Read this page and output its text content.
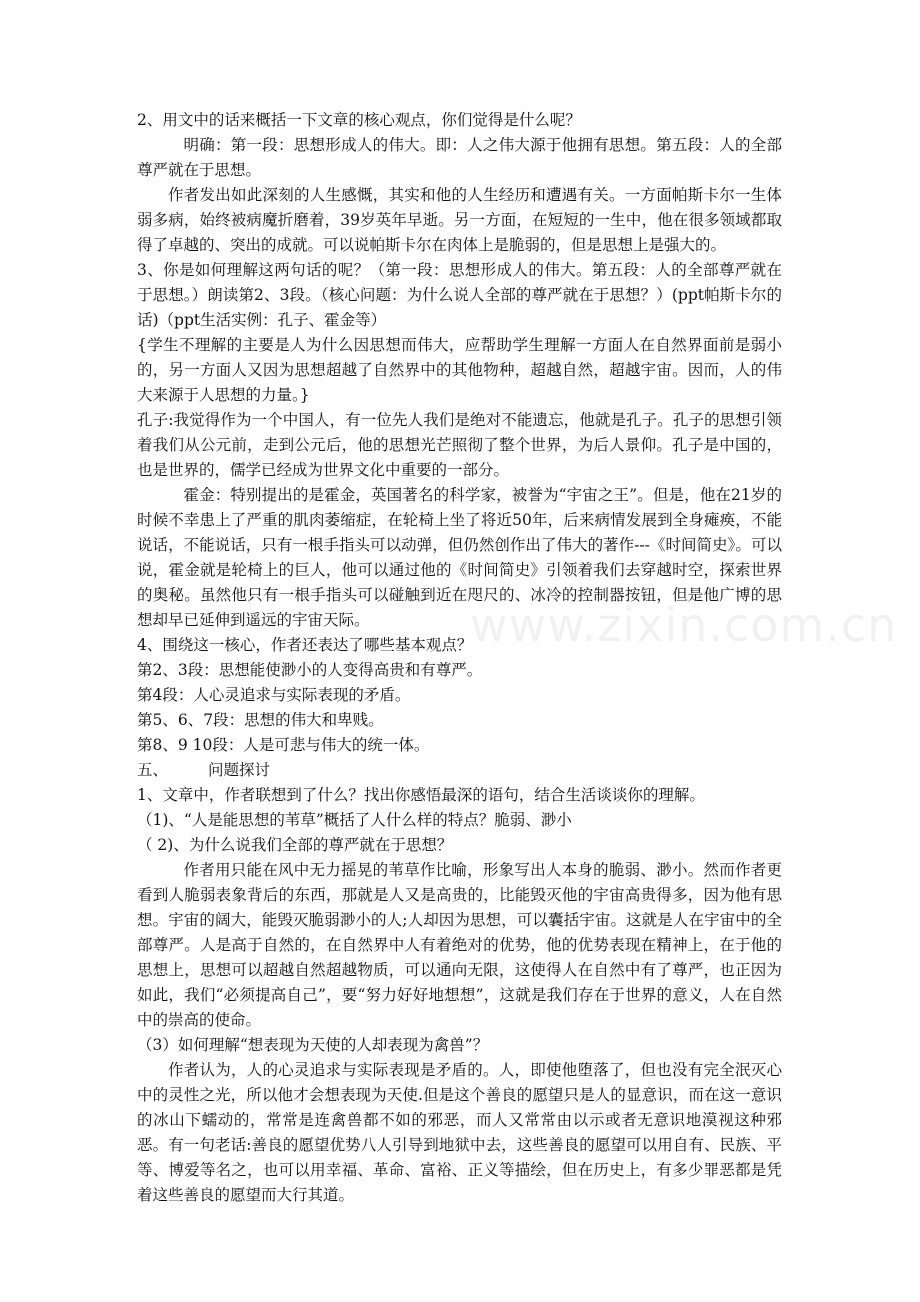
www.zixin.com.cn

2、用文中的话来概括一下文章的核心观点，你们觉得是什么呢？

明确：第一段：思想形成人的伟大。即：人之伟大源于他拥有思想。第五段：人的全部尊严就在于思想。

作者发出如此深刻的人生感慨，其实和他的人生经历和遭遇有关。一方面帕斯卡尔一生体弱多病，始终被病魔折磨着，39岁英年早逝。另一方面，在短短的一生中，他在很多领域都取得了卓越的、突出的成就。可以说帕斯卡尔在肉体上是脆弱的，但是思想上是强大的。

3、你是如何理解这两句话的呢？（第一段：思想形成人的伟大。第五段：人的全部尊严就在于思想。）朗读第2、3段。（核心问题：为什么说人全部的尊严就在于思想？）(ppt帕斯卡尔的话)（ppt生活实例：孔子、霍金等）

{学生不理解的主要是人为什么因思想而伟大，应帮助学生理解一方面人在自然界面前是弱小的，另一方面人又因为思想超越了自然界中的其他物种，超越自然，超越宇宙。因而，人的伟大来源于人思想的力量。}

孔子:我觉得作为一个中国人，有一位先人我们是绝对不能遗忘，他就是孔子。孔子的思想引领着我们从公元前，走到公元后，他的思想光芒照彻了整个世界，为后人景仰。孔子是中国的，也是世界的，儒学已经成为世界文化中重要的一部分。

霍金：特别提出的是霍金，英国著名的科学家，被誉为“宇宙之王”。但是，他在21岁的时候不幸患上了严重的肌肉萎缩症，在轮椅上坐了将近50年，后来病情发展到全身瘫痪，不能说话，不能说话，只有一根手指头可以动弹，但仍然创作出了伟大的著作---《时间简史》。可以说，霍金就是轮椅上的巨人，他可以通过他的《时间简史》引领着我们去穿越时空，探索世界的奥秘。虽然他只有一根手指头可以碰触到近在咫尺的、冰冷的控制器按钮，但是他广博的思想却早已延伸到遥远的宇宙天际。

4、围绕这一核心，作者还表达了哪些基本观点？

第2、3段：思想能使渺小的人变得高贵和有尊严。

第4段：人心灵追求与实际表现的矛盾。

第5、6、7段：思想的伟大和卑贱。

第8、9 10段：人是可悲与伟大的统一体。

五、	问题探讨

1、文章中，作者联想到了什么？找出你感悟最深的语句，结合生活谈谈你的理解。

（1)、“人是能思想的苇草”概括了人什么样的特点？脆弱、渺小

（ 2)、为什么说我们全部的尊严就在于思想？

作者用只能在风中无力摇晃的苇草作比喻，形象写出人本身的脆弱、渺小。然而作者更看到人脆弱表象背后的东西，那就是人又是高贵的，比能毁灭他的宇宙高贵得多，因为他有思想。宇宙的阔大，能毁灭脆弱渺小的人;人却因为思想，可以囊括宇宙。这就是人在宇宙中的全部尊严。人是高于自然的，在自然界中人有着绝对的优势，他的优势表现在精神上，在于他的思想上，思想可以超越自然超越物质，可以通向无限，这使得人在自然中有了尊严，也正因为如此，我们“必须提高自己”，要“努力好好地想想”，这就是我们存在于世界的意义，人在自然中的崇高的使命。

（3）如何理解“想表现为天使的人却表现为禽兽”？

作者认为，人的心灵追求与实际表现是矛盾的。人，即使他堕落了，但也没有完全泯灭心中的灵性之光，所以他才会想表现为天使.但是这个善良的愿望只是人的显意识，而在这一意识的冰山下蠕动的，常常是连禽兽都不如的邪恶，而人又常常由以示或者无意识地漠视这种邪恶。有一句老话:善良的愿望优势八人引导到地狱中去，这些善良的愿望可以用自有、民族、平等、博爱等名之，也可以用幸福、革命、富裕、正义等描绘，但在历史上，有多少罪恶都是凭着这些善良的愿望而大行其道。
